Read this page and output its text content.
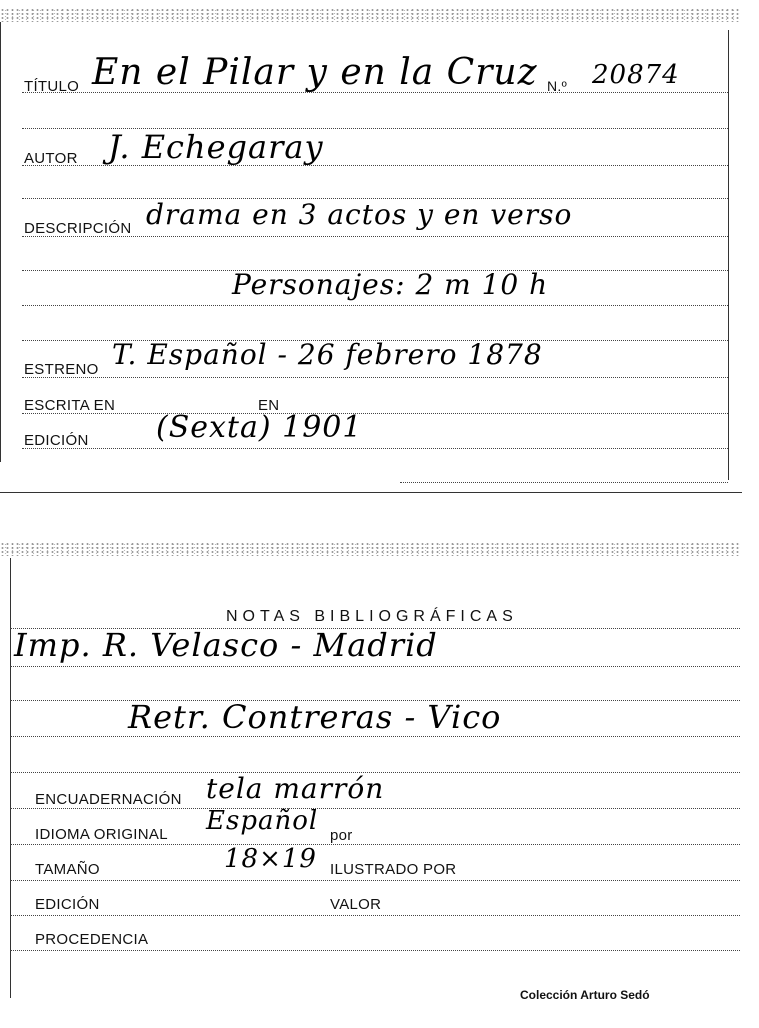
TÍTULO En el Pilar y en la Cruz N.º 20874
AUTOR J. Echegaray
DESCRIPCIÓN drama en 3 actos y en verso
Personajes: 2 m 10 h
ESTRENO T. Español - 26 febrero 1878
ESCRITA EN	EN
EDICIÓN (Sexta) 1901
NOTAS BIBLIOGRÁFICAS
Imp. R. Velasco - Madrid
Retr. Contreras - Vico
ENCUADERNACIÓN tela marrón
IDIOMA ORIGINAL Español por
TAMAÑO	18×19 ILUSTRADO POR
EDICIÓN	VALOR
PROCEDENCIA
Colección Arturo Sedó
